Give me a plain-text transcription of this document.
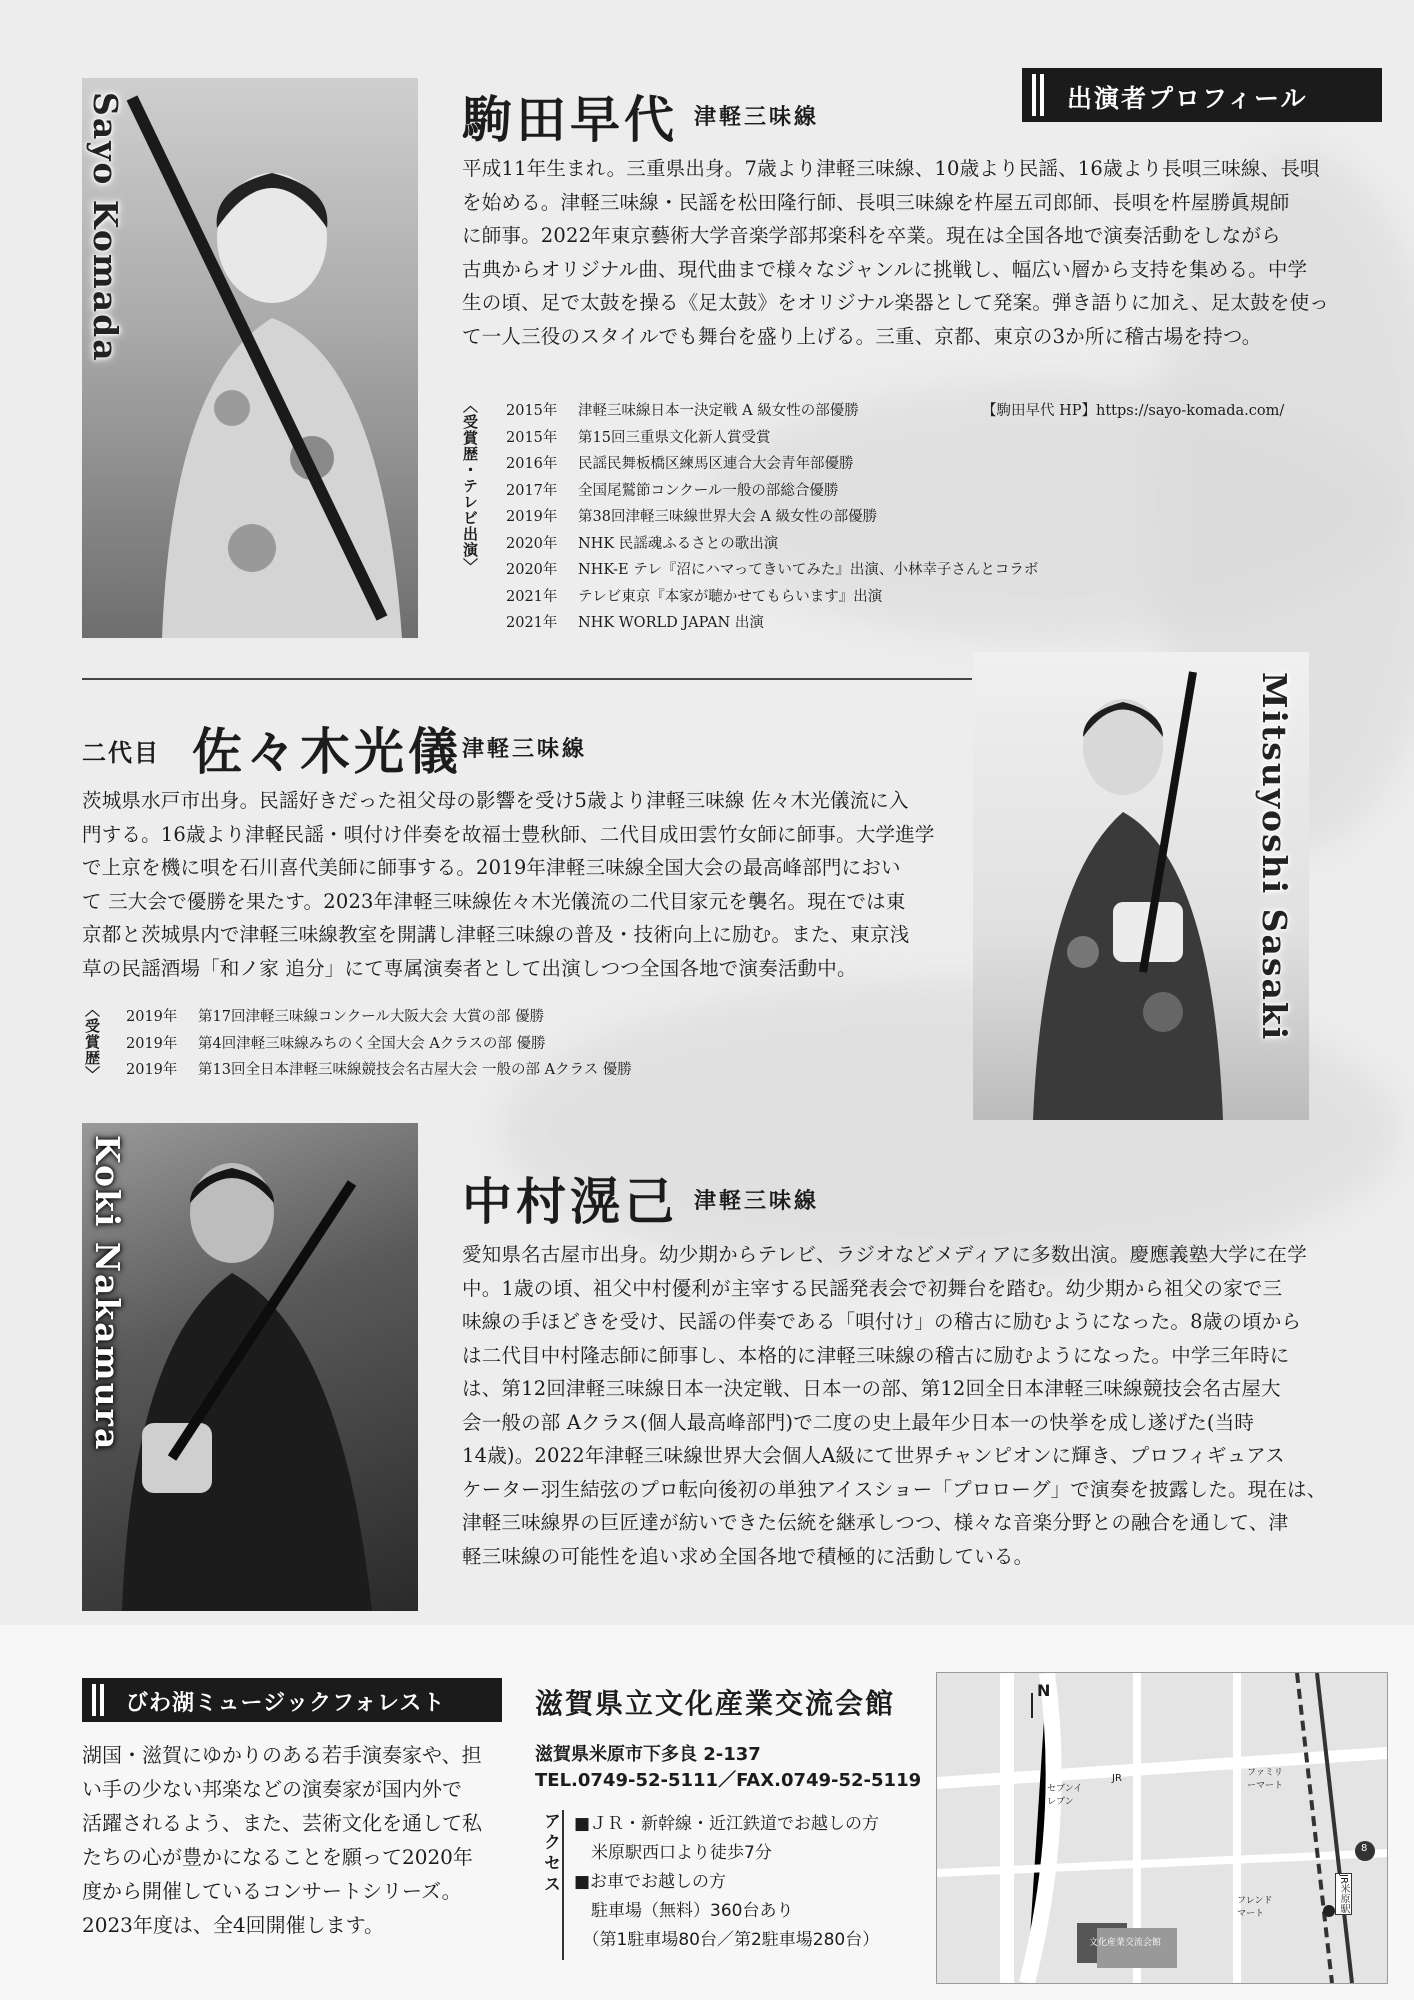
出演者プロフィール
Sayo Komada	駒田早代 津軽三味線
平成11年生まれ。三重県出身。7歳より津軽三味線、10歳より民謡、16歳より長唄三味線、長唄
を始める。津軽三味線・民謡を松田隆行師、長唄三味線を杵屋五司郎師、長唄を杵屋勝眞規師
に師事。2022年東京藝術大学音楽学部邦楽科を卒業。現在は全国各地で演奏活動をしながら
古典からオリジナル曲、現代曲まで様々なジャンルに挑戦し、幅広い層から支持を集める。中学
生の頃、足で太鼓を操る《足太鼓》をオリジナル楽器として発案。弾き語りに加え、足太鼓を使っ
て一人三役のスタイルでも舞台を盛り上げる。三重、京都、東京の3か所に稽古場を持つ。
〈受賞歴・テレビ出演〉 2015年 津軽三味線日本一決定戦 A 級女性の部優勝
2015年 第15回三重県文化新人賞受賞
2016年 民謡民舞板橋区練馬区連合大会青年部優勝
2017年 全国尾鷲節コンクール一般の部総合優勝
2019年 第38回津軽三味線世界大会 A 級女性の部優勝
2020年 NHK 民謡魂ふるさとの歌出演
2020年 NHK-E テレ『沼にハマってきいてみた』出演、小林幸子さんとコラボ
2021年 テレビ東京『本家が聴かせてもらいます』出演
2021年 NHK WORLD JAPAN 出演
【駒田早代 HP】https://sayo-komada.com/
二代目 佐々木光儀 津軽三味線
茨城県水戸市出身。民謡好きだった祖父母の影響を受け5歳より津軽三味線 佐々木光儀流に入
門する。16歳より津軽民謡・唄付け伴奏を故福士豊秋師、二代目成田雲竹女師に師事。大学進学
で上京を機に唄を石川喜代美師に師事する。2019年津軽三味線全国大会の最高峰部門におい
て 三大会で優勝を果たす。2023年津軽三味線佐々木光儀流の二代目家元を襲名。現在では東
京都と茨城県内で津軽三味線教室を開講し津軽三味線の普及・技術向上に励む。また、東京浅
草の民謡酒場「和ノ家 追分」にて専属演奏者として出演しつつ全国各地で演奏活動中。
〈受賞歴〉 2019年 第17回津軽三味線コンクール大阪大会 大賞の部 優勝
2019年 第4回津軽三味線みちのく全国大会 Aクラスの部 優勝
2019年 第13回全日本津軽三味線競技会名古屋大会 一般の部 Aクラス 優勝
Mitsuyoshi Sasaki
Koki Nakamura	中村滉己 津軽三味線
愛知県名古屋市出身。幼少期からテレビ、ラジオなどメディアに多数出演。慶應義塾大学に在学
中。1歳の頃、祖父中村優利が主宰する民謡発表会で初舞台を踏む。幼少期から祖父の家で三
味線の手ほどきを受け、民謡の伴奏である「唄付け」の稽古に励むようになった。8歳の頃から
は二代目中村隆志師に師事し、本格的に津軽三味線の稽古に励むようになった。中学三年時に
は、第12回津軽三味線日本一決定戦、日本一の部、第12回全日本津軽三味線競技会名古屋大
会一般の部 Aクラス(個人最高峰部門)で二度の史上最年少日本一の快挙を成し遂げた(当時
14歳)。2022年津軽三味線世界大会個人A級にて世界チャンピオンに輝き、プロフィギュアス
ケーター羽生結弦のプロ転向後初の単独アイスショー「プロローグ」で演奏を披露した。現在は、
津軽三味線界の巨匠達が紡いできた伝統を継承しつつ、様々な音楽分野との融合を通して、津
軽三味線の可能性を追い求め全国各地で積極的に活動している。
びわ湖ミュージックフォレスト
湖国・滋賀にゆかりのある若手演奏家や、担
い手の少ない邦楽などの演奏家が国内外で
活躍されるよう、また、芸術文化を通して私
たちの心が豊かになることを願って2020年
度から開催しているコンサートシリーズ。
2023年度は、全4回開催します。
滋賀県立文化産業交流会館
滋賀県米原市下多良 2-137
TEL.0749-52-5111／FAX.0749-52-5119
アクセス ■ＪＲ・新幹線・近江鉄道でお越しの方
　米原駅西口より徒歩7分
■お車でお越しの方
　駐車場（無料）360台あり
　（第1駐車場80台／第2駐車場280台）
N
文化産業交流会館
JR米原駅
JR	ファミリーマート
フレンドマート
セブンイレブン
8
